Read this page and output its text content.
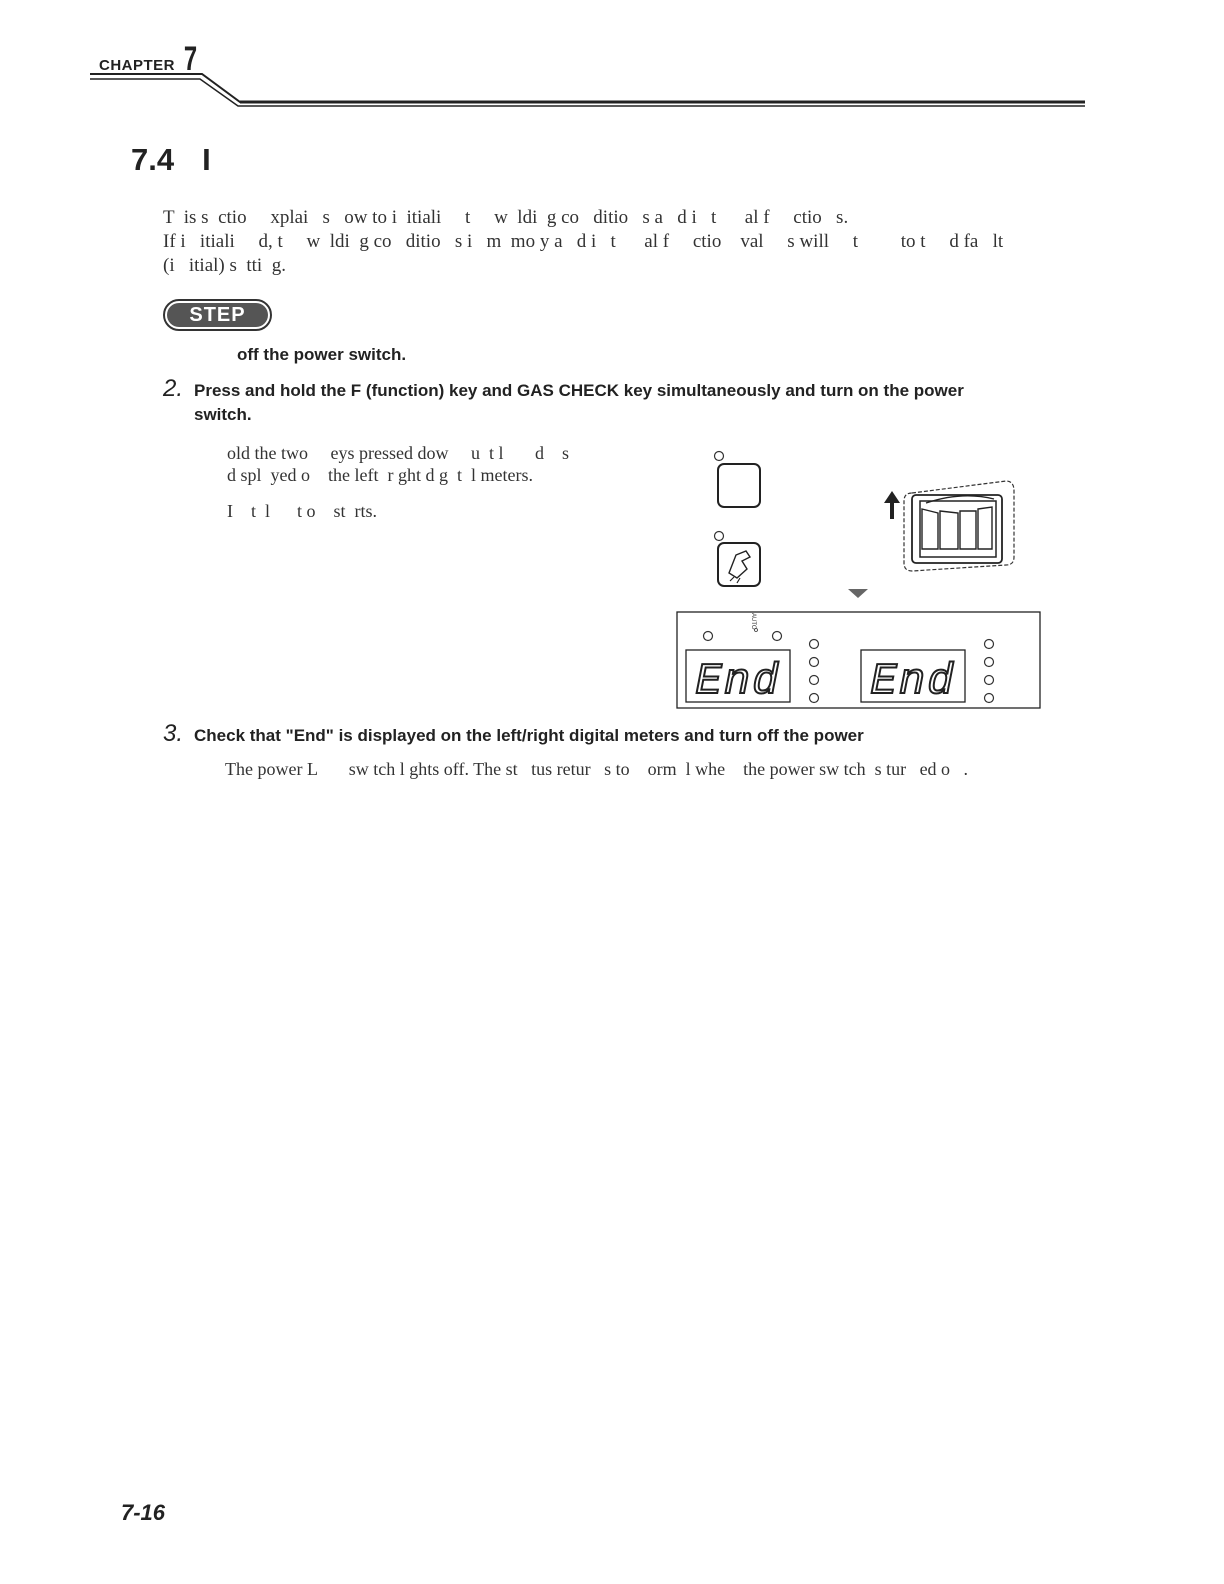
CHAPTER 7
7.4 I
T  is s  ctio     xplai   s   ow to i  itiali     t     w  ldi  g co   ditio   s a   d i   t      al f     ctio   s.
If i   itiali     d, t     w  ldi  g co   ditio   s i   m  mo y a   d i   t      al f     ctio    val     s will     t         to t     d fa   lt
(i   itial) s  tti  g.
STEP
off the power switch.
2. Press and hold the F (function) key and GAS CHECK key simultaneously and turn on the power
switch.
old the two     eys pressed dow     u  t l       d    s
d spl  yed o    the left  r ght d g  t  l meters.
I    t  l      t o    st  rts.
AUTO
End End
3. Check that "End" is displayed on the left/right digital meters and turn off the power
The power L       sw tch l ghts off. The st   tus retur   s to    orm  l whe    the power sw tch  s tur   ed o   .
7-16
